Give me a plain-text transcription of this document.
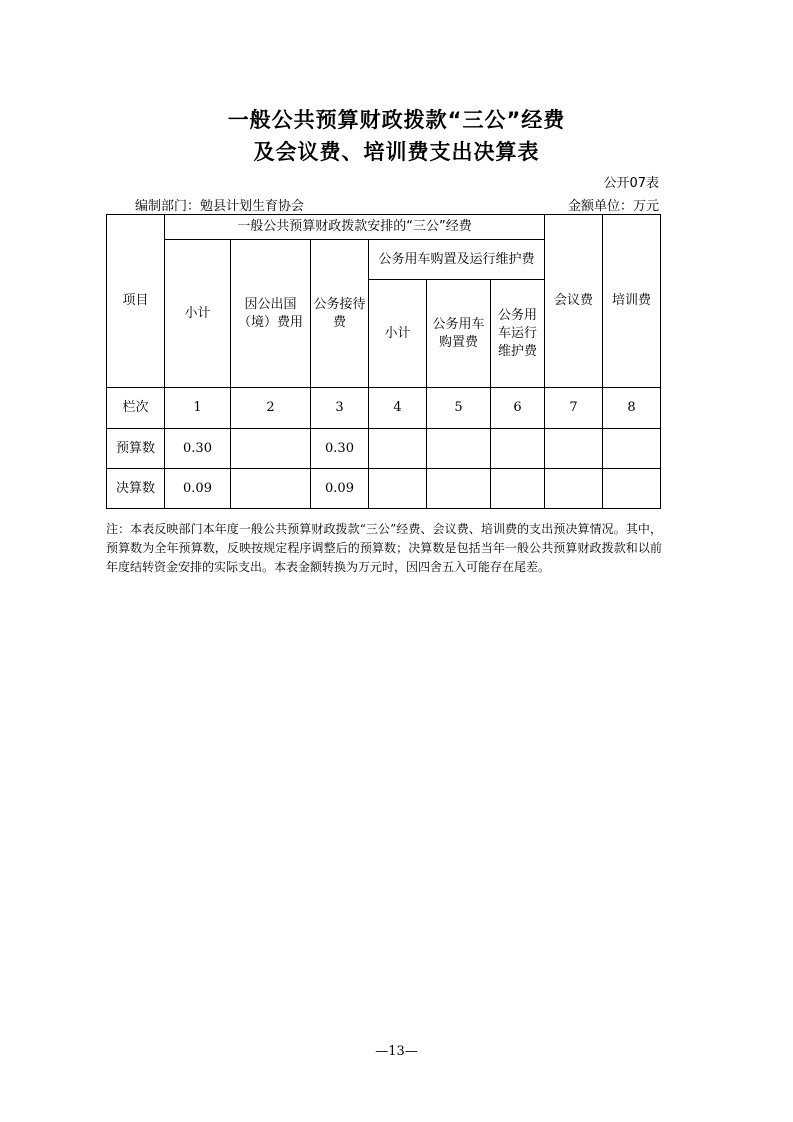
一般公共预算财政拨款“三公”经费
及会议费、培训费支出决算表
公开07表
编制部门：勉县计划生育协会	金额单位：万元
项目	一般公共预算财政拨款安排的“三公”经费						会议费	培训费
	小计	因公出国（境）费用	公务接待费	公务用车购置及运行维护费				
				小计	公务用车购置费	公务用车运行维护费		

栏次	1	2	3	4	5	6	7	8
预算数	0.30		0.30					
决算数	0.09		0.09					
注：本表反映部门本年度一般公共预算财政拨款“三公”经费、会议费、培训费的支出预决算情况。其中，预算数为全年预算数，反映按规定程序调整后的预算数；决算数是包括当年一般公共预算财政拨款和以前年度结转资金安排的实际支出。本表金额转换为万元时，因四舍五入可能存在尾差。
—13—
